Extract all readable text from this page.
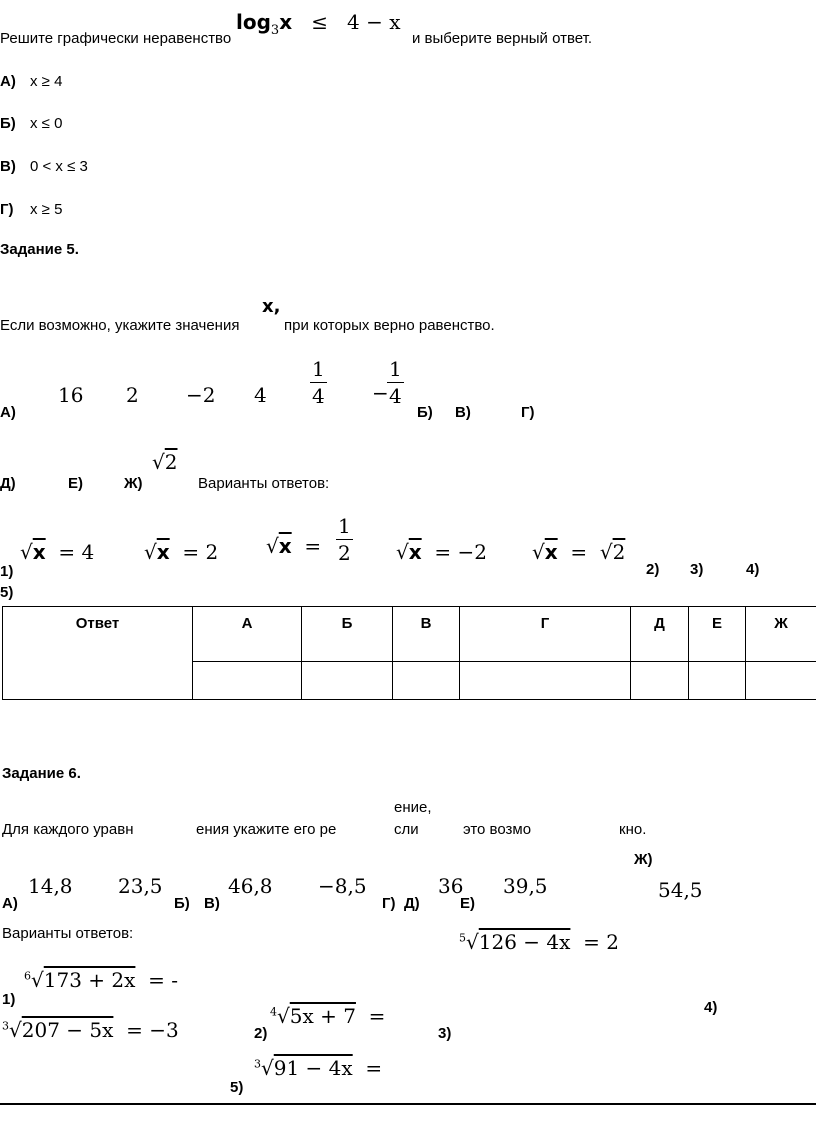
Решите графически неравенство
$\log_3x \le 4 - x$
и выберите верный ответ.
А) x ≥ 4
Б) x ≤ 0
В) 0 < x ≤ 3
Г) x ≥ 5
Задание 5.
Если возможно, укажите значения
x,
при которых верно равенство.
16 2 −2 $4 \frac{1}{4}$ −
$\frac{1}{4}$
А)	Б) В)	Г)
√2
Д)	Е)	Ж)	Варианты ответов:
√x = 4 √x = 2 $√x = \frac{1}{2} √x = -2$ √x =  √2
1)	2) 3)	4)
5)
Ответ	А	Б	В	Г	Д	Е	Ж

Задание 6.
ение,
Для каждого уравн	ения укажите его ре	сли	это возмо	кно.
Ж)
14,8 23,5	46,8 −8,5	36 39,5	54,5
А)	Б) В)	Г) Д)	Е)
Варианты ответов:	$^5$√126 − 4x = 2
$^6$√173 + 2x = -
1)	4)
$^4$√5x + 7 =
$^3$√207 − 5x = −3	2)	3)
$^3$√91 − 4x =
5)
